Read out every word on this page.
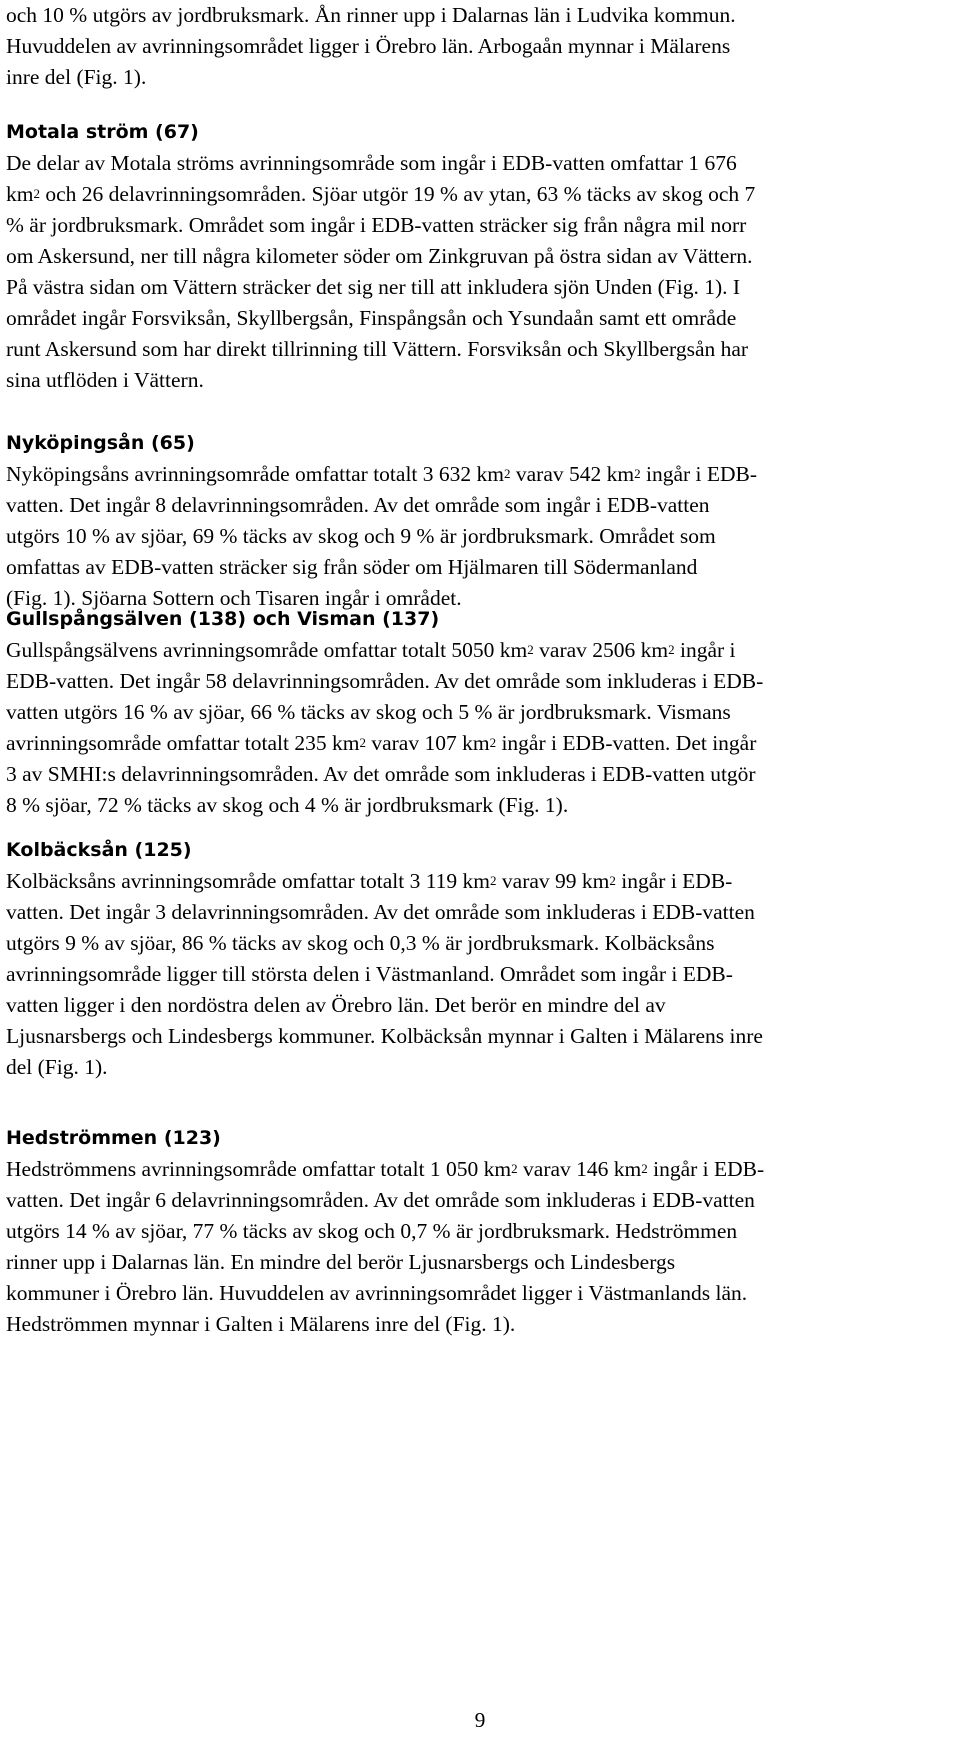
och 10 % utgörs av jordbruksmark. Ån rinner upp i Dalarnas län i Ludvika kommun.
Huvuddelen av avrinningsområdet ligger i Örebro län. Arbogaån mynnar i Mälarens
inre del (Fig. 1).
Motala ström (67)
De delar av Motala ströms avrinningsområde som ingår i EDB-vatten omfattar 1 676
$km^2$ och 26 delavrinningsområden. Sjöar utgör 19 % av ytan, 63 % täcks av skog och 7
% är jordbruksmark. Området som ingår i EDB-vatten sträcker sig från några mil norr
om Askersund, ner till några kilometer söder om Zinkgruvan på östra sidan av Vättern.
På västra sidan om Vättern sträcker det sig ner till att inkludera sjön Unden (Fig. 1). I
området ingår Forsviksån, Skyllbergsån, Finspångsån och Ysundaån samt ett område
runt Askersund som har direkt tillrinning till Vättern. Forsviksån och Skyllbergsån har
sina utflöden i Vättern.
Nyköpingsån (65)
Nyköpingsåns avrinningsområde omfattar totalt 3 632 $km^2$ varav 542 $km^2$ ingår i EDB-
vatten. Det ingår 8 delavrinningsområden. Av det område som ingår i EDB-vatten
utgörs 10 % av sjöar, 69 % täcks av skog och 9 % är jordbruksmark. Området som
omfattas av EDB-vatten sträcker sig från söder om Hjälmaren till Södermanland
(Fig. 1). Sjöarna Sottern och Tisaren ingår i området.
Gullspångsälven (138) och Visman (137)
Gullspångsälvens avrinningsområde omfattar totalt 5050 $km^2$ varav 2506 $km^2$ ingår i
EDB-vatten. Det ingår 58 delavrinningsområden. Av det område som inkluderas i EDB-
vatten utgörs 16 % av sjöar, 66 % täcks av skog och 5 % är jordbruksmark. Vismans
avrinningsområde omfattar totalt 235 $km^2$ varav 107 $km^2$ ingår i EDB-vatten. Det ingår
3 av SMHI:s delavrinningsområden. Av det område som inkluderas i EDB-vatten utgör
8 % sjöar, 72 % täcks av skog och 4 % är jordbruksmark (Fig. 1).
Kolbäcksån (125)
Kolbäcksåns avrinningsområde omfattar totalt 3 119 $km^2$ varav 99 $km^2$ ingår i EDB-
vatten. Det ingår 3 delavrinningsområden. Av det område som inkluderas i EDB-vatten
utgörs 9 % av sjöar, 86 % täcks av skog och 0,3 % är jordbruksmark. Kolbäcksåns
avrinningsområde ligger till största delen i Västmanland. Området som ingår i EDB-
vatten ligger i den nordöstra delen av Örebro län. Det berör en mindre del av
Ljusnarsbergs och Lindesbergs kommuner. Kolbäcksån mynnar i Galten i Mälarens inre
del (Fig. 1).
Hedströmmen (123)
Hedströmmens avrinningsområde omfattar totalt 1 050 $km^2$ varav 146 $km^2$ ingår i EDB-
vatten. Det ingår 6 delavrinningsområden. Av det område som inkluderas i EDB-vatten
utgörs 14 % av sjöar, 77 % täcks av skog och 0,7 % är jordbruksmark. Hedströmmen
rinner upp i Dalarnas län. En mindre del berör Ljusnarsbergs och Lindesbergs
kommuner i Örebro län. Huvuddelen av avrinningsområdet ligger i Västmanlands län.
Hedströmmen mynnar i Galten i Mälarens inre del (Fig. 1).
9
